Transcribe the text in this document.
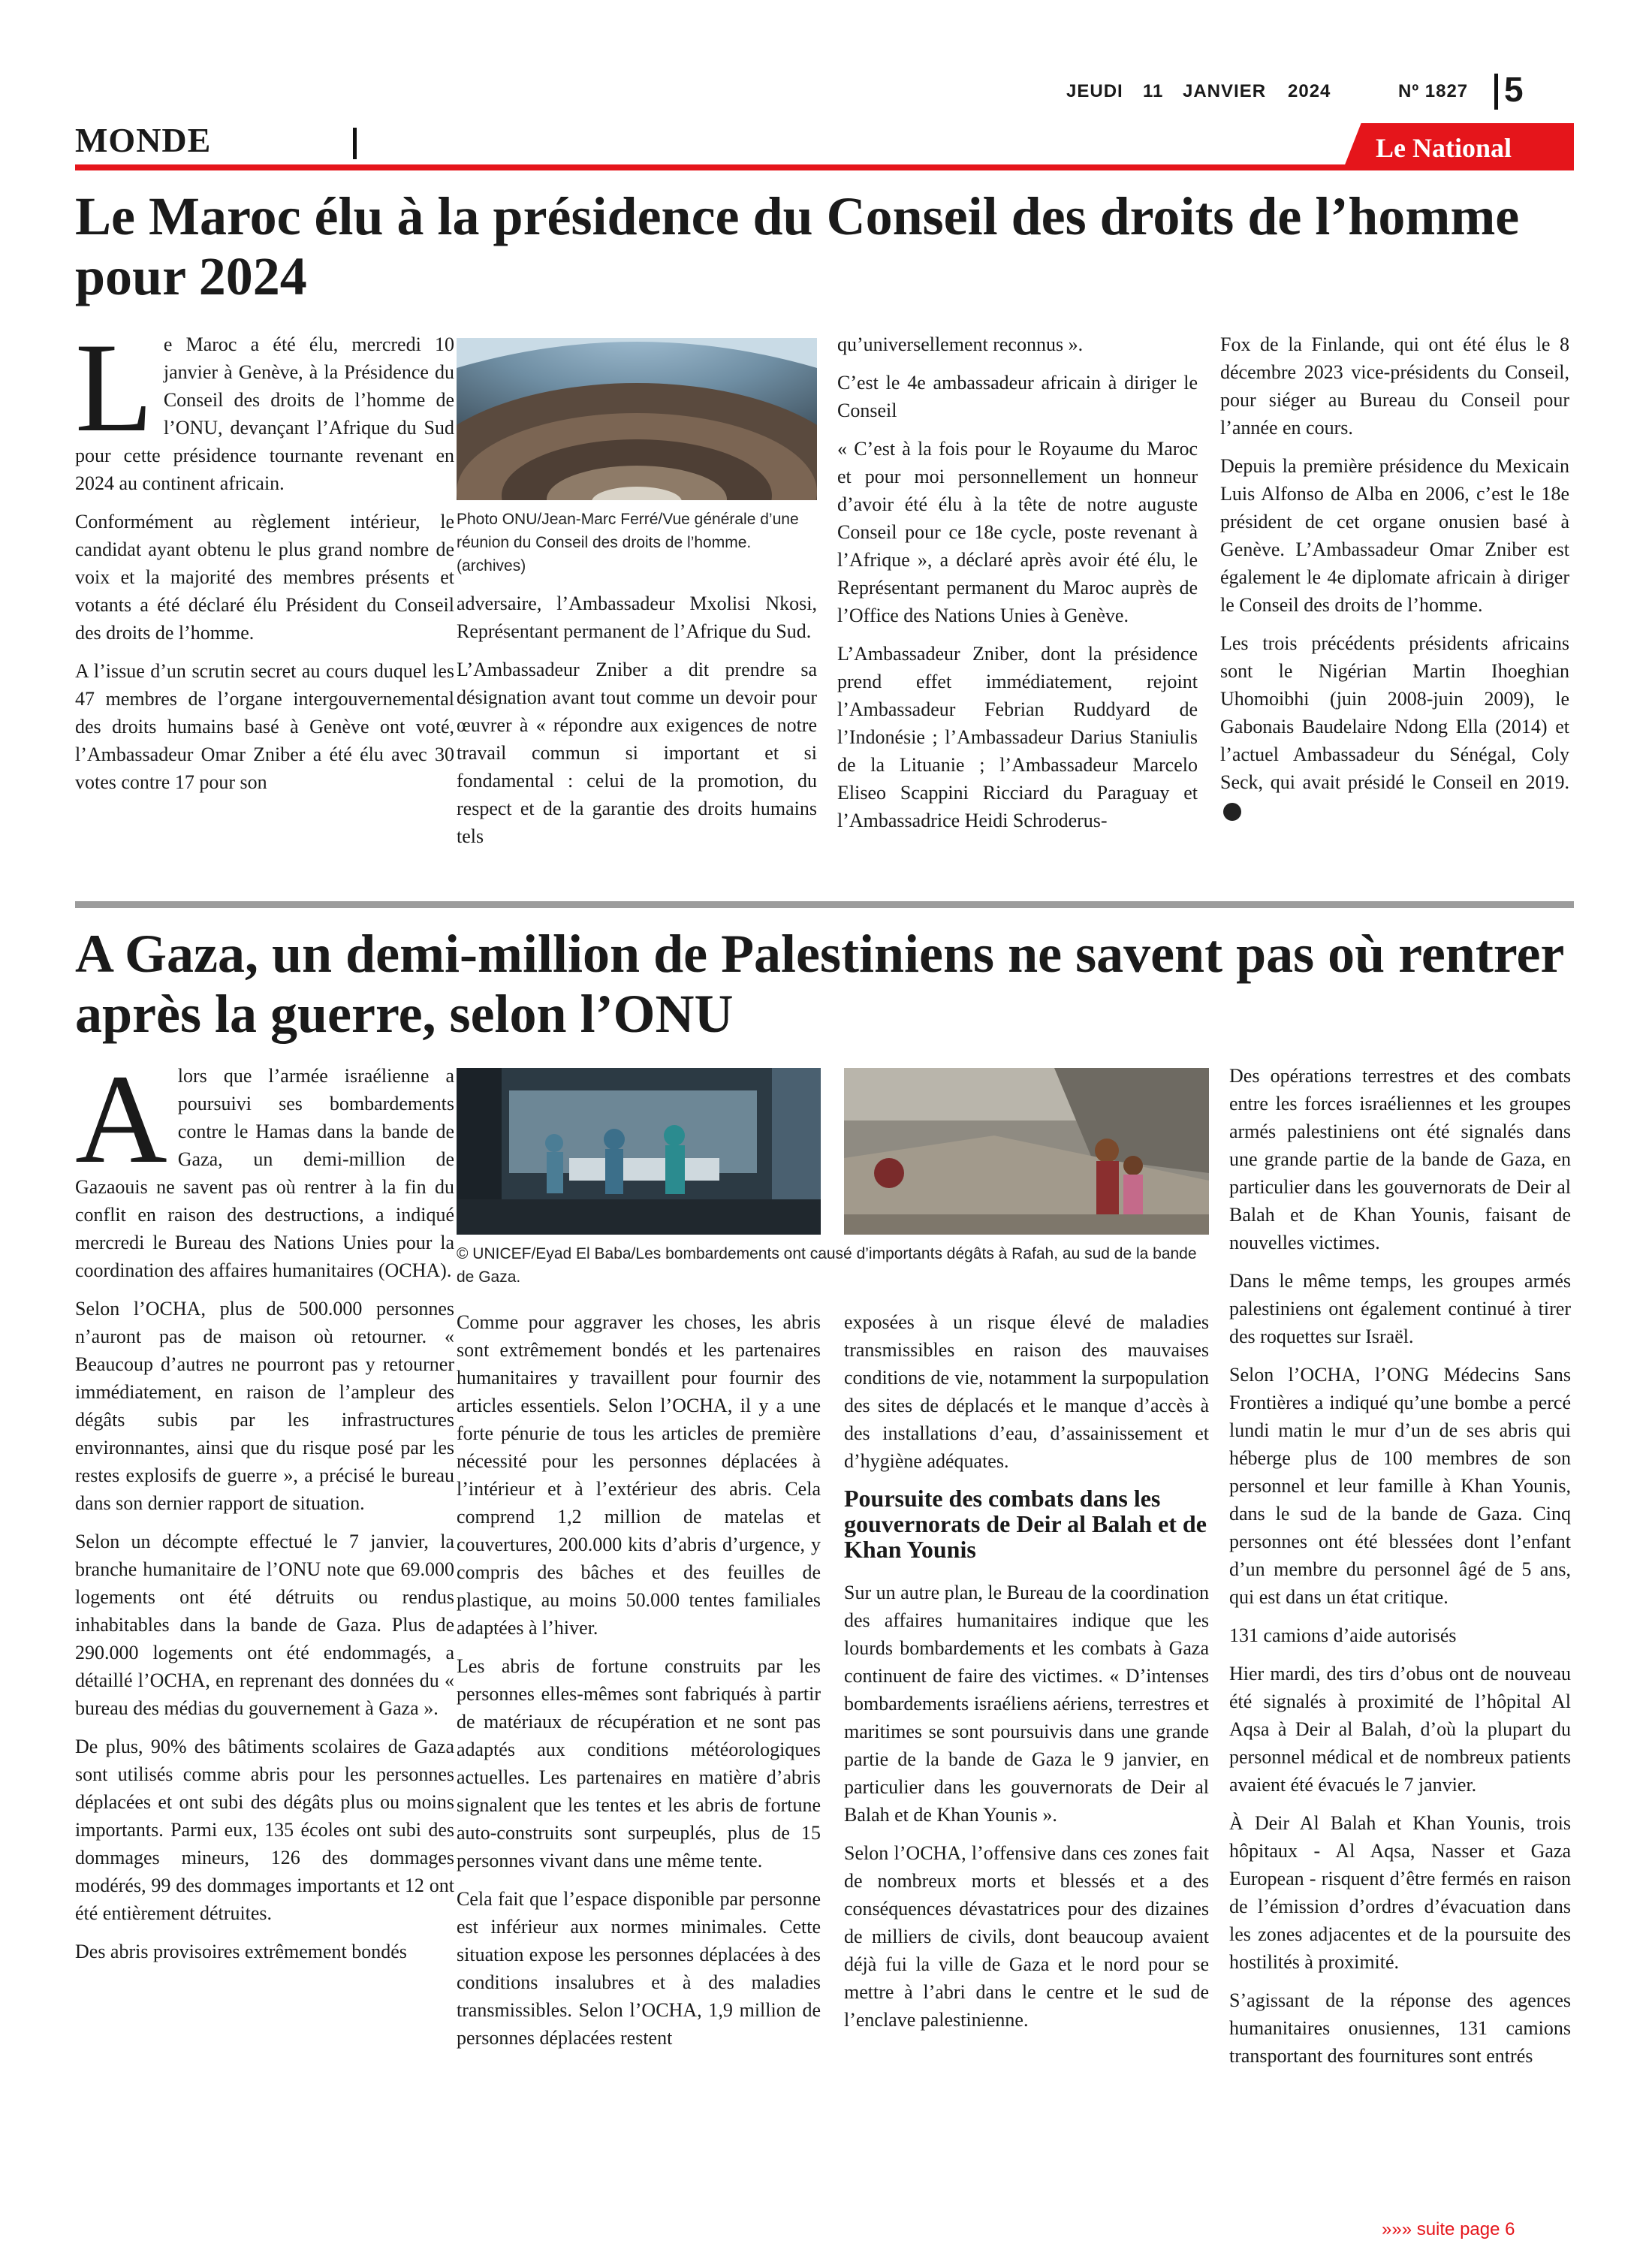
JEUDI 11 JANVIER 2024	Nº 1827 5
MONDE	Le National
Le Maroc élu à la présidence du Conseil des droits de l’homme pour 2024
L e Maroc a été élu, mercredi 10 janvier à Genève, à la Présidence du Conseil des droits de l’homme de l’ONU, devançant l’Afrique du Sud pour cette présidence tournante revenant en 2024 au continent africain.

Conformément au règlement intérieur, le candidat ayant obtenu le plus grand nombre de voix et la majorité des membres présents et votants a été déclaré élu Président du Conseil des droits de l’homme.

A l’issue d’un scrutin secret au cours duquel les 47 membres de l’organe intergouvernemental des droits humains basé à Genève ont voté, l’Ambassadeur Omar Zniber a été élu avec 30 votes contre 17 pour son

Photo ONU/Jean-Marc Ferré/Vue générale d’une réunion du Conseil des droits de l’homme. (archives)

adversaire, l’Ambassadeur Mxolisi Nkosi, Représentant permanent de l’Afrique du Sud.

L’Ambassadeur Zniber a dit prendre sa désignation avant tout comme un devoir pour œuvrer à « répondre aux exigences de notre travail commun si important et si fondamental : celui de la promotion, du respect et de la garantie des droits humains tels

qu’universellement reconnus ».

C’est le 4e ambassadeur africain à diriger le Conseil

« C’est à la fois pour le Royaume du Maroc et pour moi personnellement un honneur d’avoir été élu à la tête de notre auguste Conseil pour ce 18e cycle, poste revenant à l’Afrique », a déclaré après avoir été élu, le Représentant permanent du Maroc auprès de l’Office des Nations Unies à Genève.

L’Ambassadeur Zniber, dont la présidence prend effet immédiatement, rejoint l’Ambassadeur Febrian Ruddyard de l’Indonésie ; l’Ambassadeur Darius Staniulis de la Lituanie ; l’Ambassadeur Marcelo Eliseo Scappini Ricciard du Paraguay et l’Ambassadrice Heidi Schroderus-

Fox de la Finlande, qui ont été élus le 8 décembre 2023 vice-présidents du Conseil, pour siéger au Bureau du Conseil pour l’année en cours.

Depuis la première présidence du Mexicain Luis Alfonso de Alba en 2006, c’est le 18e président de cet organe onusien basé à Genève. L’Ambassadeur Omar Zniber est également le 4e diplomate africain à diriger le Conseil des droits de l’homme.

Les trois précédents présidents africains sont le Nigérian Martin Ihoeghian Uhomoibhi (juin 2008-juin 2009), le Gabonais Baudelaire Ndong Ella (2014) et l’actuel Ambassadeur du Sénégal, Coly Seck, qui avait présidé le Conseil en 2019.

A Gaza, un demi-million de Palestiniens ne savent pas où rentrer après la guerre, selon l’ONU
A lors que l’armée israélienne a poursuivi ses bombardements contre le Hamas dans la bande de Gaza, un demi-million de Gazaouis ne savent pas où rentrer à la fin du conflit en raison des destructions, a indiqué mercredi le Bureau des Nations Unies pour la coordination des affaires humanitaires (OCHA).

Selon l’OCHA, plus de 500.000 personnes n’auront pas de maison où retourner. « Beaucoup d’autres ne pourront pas y retourner immédiatement, en raison de l’ampleur des dégâts subis par les infrastructures environnantes, ainsi que du risque posé par les restes explosifs de guerre », a précisé le bureau dans son dernier rapport de situation.

Selon un décompte effectué le 7 janvier, la branche humanitaire de l’ONU note que 69.000 logements ont été détruits ou rendus inhabitables dans la bande de Gaza. Plus de 290.000 logements ont été endommagés, a détaillé l’OCHA, en reprenant des données du « bureau des médias du gouvernement à Gaza ».

De plus, 90% des bâtiments scolaires de Gaza sont utilisés comme abris pour les personnes déplacées et ont subi des dégâts plus ou moins importants. Parmi eux, 135 écoles ont subi des dommages mineurs, 126 des dommages modérés, 99 des dommages importants et 12 ont été entièrement détruites.

Des abris provisoires extrêmement bondés

© UNICEF/Eyad El Baba/Les bombardements ont causé d’importants dégâts à Rafah, au sud de la bande de Gaza.

Comme pour aggraver les choses, les abris sont extrêmement bondés et les partenaires humanitaires y travaillent pour fournir des articles essentiels. Selon l’OCHA, il y a une forte pénurie de tous les articles de première nécessité pour les personnes déplacées à l’intérieur et à l’extérieur des abris. Cela comprend 1,2 million de matelas et couvertures, 200.000 kits d’abris d’urgence, y compris des bâches et des feuilles de plastique, au moins 50.000 tentes familiales adaptées à l’hiver.

Les abris de fortune construits par les personnes elles-mêmes sont fabriqués à partir de matériaux de récupération et ne sont pas adaptés aux conditions météorologiques actuelles. Les partenaires en matière d’abris signalent que les tentes et les abris de fortune auto-construits sont surpeuplés, plus de 15 personnes vivant dans une même tente.

Cela fait que l’espace disponible par personne est inférieur aux normes minimales. Cette situation expose les personnes déplacées à des conditions insalubres et à des maladies transmissibles. Selon l’OCHA, 1,9 million de personnes déplacées restent

exposées à un risque élevé de maladies transmissibles en raison des mauvaises conditions de vie, notamment la surpopulation des sites de déplacés et le manque d’accès à des installations d’eau, d’assainissement et d’hygiène adéquates.

Poursuite des combats dans les gouvernorats de Deir al Balah et de Khan Younis

Sur un autre plan, le Bureau de la coordination des affaires humanitaires indique que les lourds bombardements et les combats à Gaza continuent de faire des victimes. « D’intenses bombardements israéliens aériens, terrestres et maritimes se sont poursuivis dans une grande partie de la bande de Gaza le 9 janvier, en particulier dans les gouvernorats de Deir al Balah et de Khan Younis ».

Selon l’OCHA, l’offensive dans ces zones fait de nombreux morts et blessés et a des conséquences dévastatrices pour des dizaines de milliers de civils, dont beaucoup avaient déjà fui la ville de Gaza et le nord pour se mettre à l’abri dans le centre et le sud de l’enclave palestinienne.

Des opérations terrestres et des combats entre les forces israéliennes et les groupes armés palestiniens ont été signalés dans une grande partie de la bande de Gaza, en particulier dans les gouvernorats de Deir al Balah et de Khan Younis, faisant de nouvelles victimes.

Dans le même temps, les groupes armés palestiniens ont également continué à tirer des roquettes sur Israël.

Selon l’OCHA, l’ONG Médecins Sans Frontières a indiqué qu’une bombe a percé lundi matin le mur d’un de ses abris qui héberge plus de 100 membres de son personnel et leur famille à Khan Younis, dans le sud de la bande de Gaza. Cinq personnes ont été blessées dont l’enfant d’un membre du personnel âgé de 5 ans, qui est dans un état critique.

131 camions d’aide autorisés

Hier mardi, des tirs d’obus ont de nouveau été signalés à proximité de l’hôpital Al Aqsa à Deir al Balah, d’où la plupart du personnel médical et de nombreux patients avaient été évacués le 7 janvier.

À Deir Al Balah et Khan Younis, trois hôpitaux - Al Aqsa, Nasser et Gaza European - risquent d’être fermés en raison de l’émission d’ordres d’évacuation dans les zones adjacentes et de la poursuite des hostilités à proximité.

S’agissant de la réponse des agences humanitaires onusiennes, 131 camions transportant des fournitures sont entrés

»»» suite page 6
